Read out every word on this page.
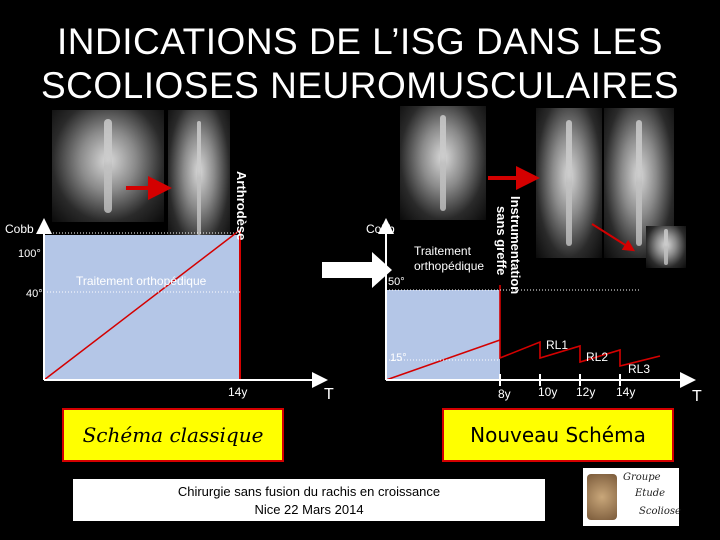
INDICATIONS DE L’ISG DANS LES
SCOLIOSES NEUROMUSCULAIRES
Cobb
100°
40°
Traitement orthopédique
14y
Arthrodèse
T
Cobb
50°
15°
Traitement
orthopédique	Instrumentation sans greffe
RL1
RL2
RL3
8y 10y 12y 14y	T
Schéma classique	Nouveau Schéma
Chirurgie sans fusion du rachis en croissance
Nice 22 Mars 2014
Groupe
Etude
Scoliose
